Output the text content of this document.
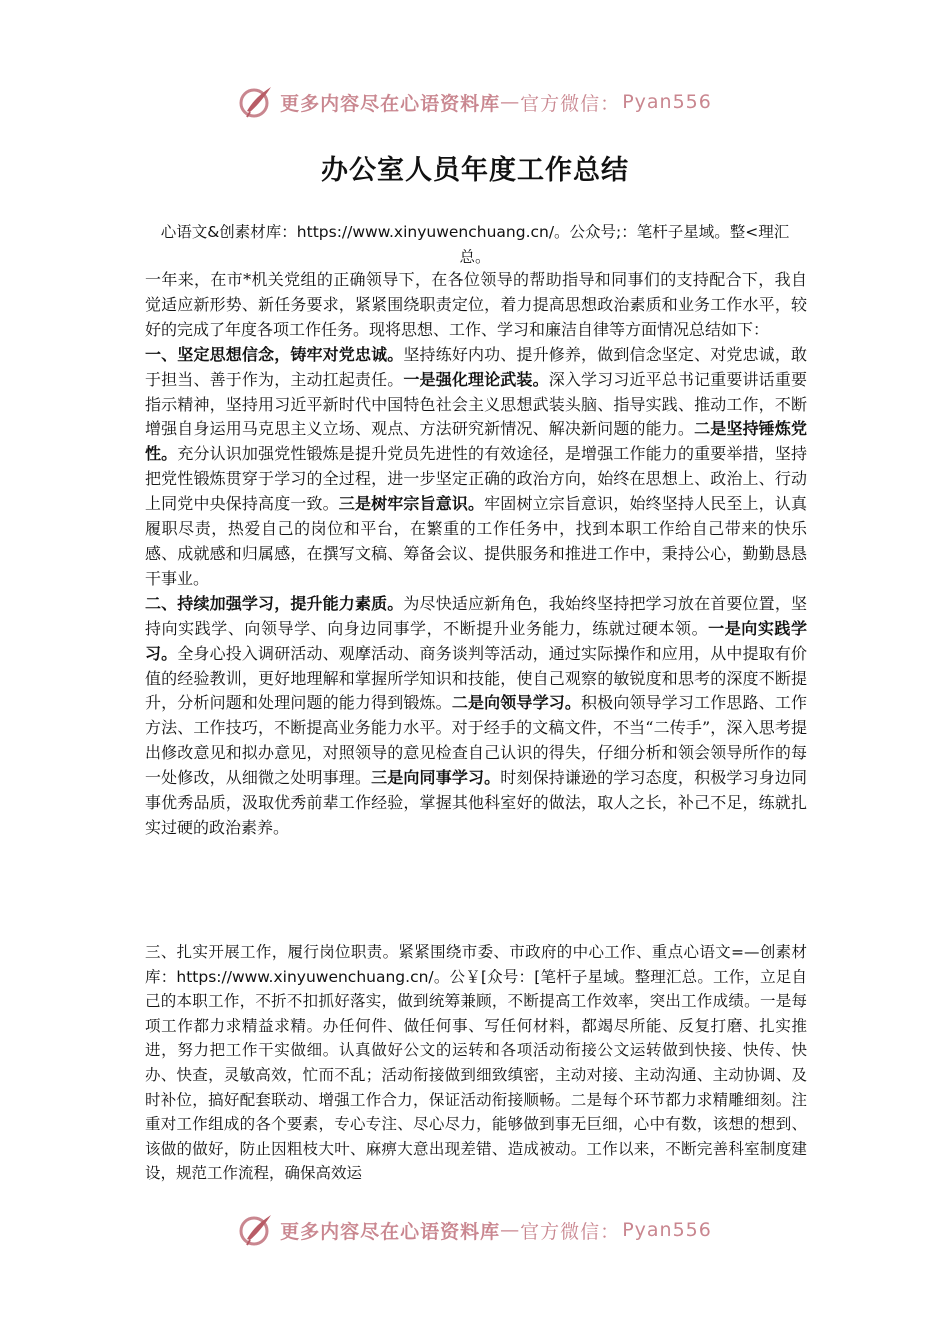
更多内容尽在心语资料库 — 官方微信： Pyan556
办公室人员年度工作总结
心语文&创素材库：https://www.xinyuwenchuang.cn/。公众号;：笔杆子星域。整<理汇总。

一年来，在市*机关党组的正确领导下，在各位领导的帮助指导和同事们的支持配合下，我自觉适应新形势、新任务要求，紧紧围绕职责定位，着力提高思想政治素质和业务工作水平，较好的完成了年度各项工作任务。现将思想、工作、学习和廉洁自律等方面情况总结如下：

一、坚定思想信念，铸牢对党忠诚。坚持练好内功、提升修养，做到信念坚定、对党忠诚，敢于担当、善于作为，主动扛起责任。一是强化理论武装。深入学习习近平总书记重要讲话重要指示精神，坚持用习近平新时代中国特色社会主义思想武装头脑、指导实践、推动工作，不断增强自身运用马克思主义立场、观点、方法研究新情况、解决新问题的能力。二是坚持锤炼党性。充分认识加强党性锻炼是提升党员先进性的有效途径，是增强工作能力的重要举措，坚持把党性锻炼贯穿于学习的全过程，进一步坚定正确的政治方向，始终在思想上、政治上、行动上同党中央保持高度一致。三是树牢宗旨意识。牢固树立宗旨意识，始终坚持人民至上，认真履职尽责，热爱自己的岗位和平台，在繁重的工作任务中，找到本职工作给自己带来的快乐感、成就感和归属感，在撰写文稿、筹备会议、提供服务和推进工作中，秉持公心，勤勤恳恳干事业。

二、持续加强学习，提升能力素质。为尽快适应新角色，我始终坚持把学习放在首要位置，坚持向实践学、向领导学、向身边同事学，不断提升业务能力，练就过硬本领。一是向实践学习。全身心投入调研活动、观摩活动、商务谈判等活动，通过实际操作和应用，从中提取有价值的经验教训，更好地理解和掌握所学知识和技能，使自己观察的敏锐度和思考的深度不断提升，分析问题和处理问题的能力得到锻炼。二是向领导学习。积极向领导学习工作思路、工作方法、工作技巧，不断提高业务能力水平。对于经手的文稿文件，不当“二传手”，深入思考提出修改意见和拟办意见，对照领导的意见检查自己认识的得失，仔细分析和领会领导所作的每一处修改，从细微之处明事理。三是向同事学习。时刻保持谦逊的学习态度，积极学习身边同事优秀品质，汲取优秀前辈工作经验，掌握其他科室好的做法，取人之长，补己不足，练就扎实过硬的政治素养。

三、扎实开展工作，履行岗位职责。紧紧围绕市委、市政府的中心工作、重点心语文=—创素材库：https://www.xinyuwenchuang.cn/。公￥[众号：[笔杆子星域。整理汇总。工作，立足自己的本职工作，不折不扣抓好落实，做到统筹兼顾，不断提高工作效率，突出工作成绩。一是每项工作都力求精益求精。办任何件、做任何事、写任何材料，都竭尽所能、反复打磨、扎实推进，努力把工作干实做细。认真做好公文的运转和各项活动衔接公文运转做到快接、快传、快办、快查，灵敏高效，忙而不乱；活动衔接做到细致缜密，主动对接、主动沟通、主动协调、及时补位，搞好配套联动、增强工作合力，保证活动衔接顺畅。二是每个环节都力求精雕细刻。注重对工作组成的各个要素，专心专注、尽心尽力，能够做到事无巨细，心中有数，该想的想到、该做的做好，防止因粗枝大叶、麻痹大意出现差错、造成被动。工作以来，不断完善科室制度建设，规范工作流程，确保高效运
更多内容尽在心语资料库 — 官方微信： Pyan556
